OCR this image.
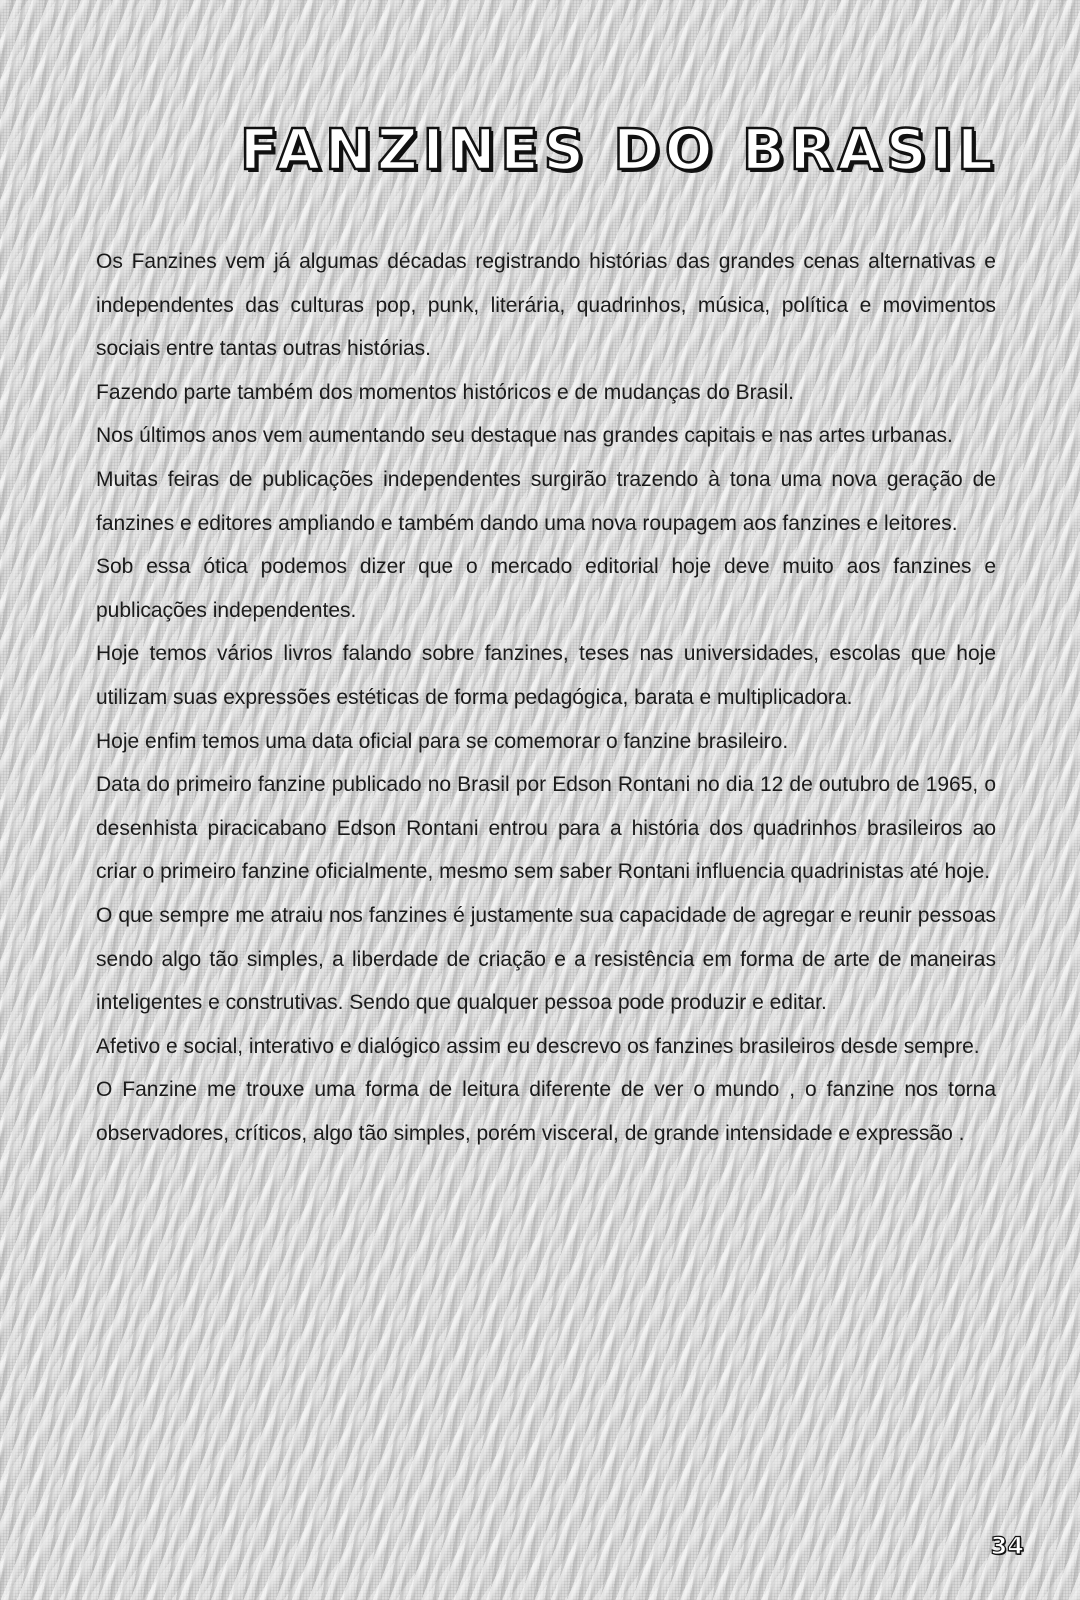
FANZINES DO BRASIL

Os Fanzines vem já algumas décadas registrando histórias das grandes cenas alternativas e independentes das culturas pop, punk, literária, quadrinhos, música, política e movimentos sociais entre tantas outras histórias.

Fazendo parte também dos momentos históricos e de mudanças do Brasil.

Nos últimos anos vem aumentando seu destaque nas grandes capitais e nas artes urbanas.

Muitas feiras de publicações independentes surgirão trazendo à tona uma nova geração de fanzines e editores ampliando e também dando uma nova roupagem aos fanzines e leitores.

Sob essa ótica podemos dizer que o mercado editorial hoje deve muito aos fanzines e publicações independentes.

Hoje temos vários livros falando sobre fanzines, teses nas universidades, escolas que hoje utilizam suas expressões estéticas de forma pedagógica, barata e multiplicadora.

Hoje enfim temos uma data oficial para se comemorar o fanzine brasileiro.

Data do primeiro fanzine publicado no Brasil por Edson Rontani no dia 12 de outubro de 1965, o desenhista piracicabano Edson Rontani entrou para a história dos quadrinhos brasileiros ao criar o primeiro fanzine oficialmente, mesmo sem saber Rontani influencia quadrinistas até hoje.

O que sempre me atraiu nos fanzines é justamente sua capacidade de agregar e reunir pessoas sendo algo tão simples, a liberdade de criação e a resistência em forma de arte de maneiras inteligentes e construtivas. Sendo que qualquer pessoa pode produzir e editar.

Afetivo e social, interativo e dialógico assim eu descrevo os fanzines brasileiros desde sempre.

O Fanzine me trouxe uma forma de leitura diferente de ver o mundo , o fanzine nos torna observadores, críticos, algo tão simples, porém visceral, de grande intensidade e expressão .

34
